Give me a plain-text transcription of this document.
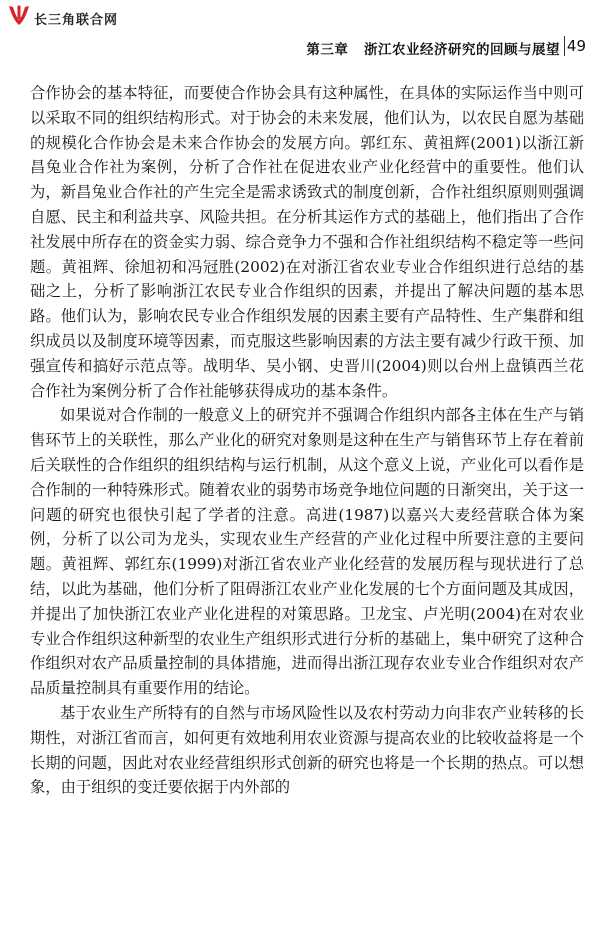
长三角联合网
第三章 浙江农业经济研究的回顾与展望 49

合作协会的基本特征，而要使合作协会具有这种属性，在具体的实际运作当中则可以采取不同的组织结构形式。对于协会的未来发展，他们认为，以农民自愿为基础的规模化合作协会是未来合作协会的发展方向。郭红东、黄祖辉(2001)以浙江新昌兔业合作社为案例，分析了合作社在促进农业产业化经营中的重要性。他们认为，新昌兔业合作社的产生完全是需求诱致式的制度创新，合作社组织原则则强调自愿、民主和利益共享、风险共担。在分析其运作方式的基础上，他们指出了合作社发展中所存在的资金实力弱、综合竞争力不强和合作社组织结构不稳定等一些问题。黄祖辉、徐旭初和冯冠胜(2002)在对浙江省农业专业合作组织进行总结的基础之上，分析了影响浙江农民专业合作组织的因素，并提出了解决问题的基本思路。他们认为，影响农民专业合作组织发展的因素主要有产品特性、生产集群和组织成员以及制度环境等因素，而克服这些影响因素的方法主要有减少行政干预、加强宣传和搞好示范点等。战明华、吴小钢、史晋川(2004)则以台州上盘镇西兰花合作社为案例分析了合作社能够获得成功的基本条件。

如果说对合作制的一般意义上的研究并不强调合作组织内部各主体在生产与销售环节上的关联性，那么产业化的研究对象则是这种在生产与销售环节上存在着前后关联性的合作组织的组织结构与运行机制，从这个意义上说，产业化可以看作是合作制的一种特殊形式。随着农业的弱势市场竞争地位问题的日渐突出，关于这一问题的研究也很快引起了学者的注意。高进(1987)以嘉兴大麦经营联合体为案例，分析了以公司为龙头，实现农业生产经营的产业化过程中所要注意的主要问题。黄祖辉、郭红东(1999)对浙江省农业产业化经营的发展历程与现状进行了总结，以此为基础，他们分析了阻碍浙江农业产业化发展的七个方面问题及其成因，并提出了加快浙江农业产业化进程的对策思路。卫龙宝、卢光明(2004)在对农业专业合作组织这种新型的农业生产组织形式进行分析的基础上，集中研究了这种合作组织对农产品质量控制的具体措施，进而得出浙江现存农业专业合作组织对农产品质量控制具有重要作用的结论。

基于农业生产所特有的自然与市场风险性以及农村劳动力向非农产业转移的长期性，对浙江省而言，如何更有效地利用农业资源与提高农业的比较收益将是一个长期的问题，因此对农业经营组织形式创新的研究也将是一个长期的热点。可以想象，由于组织的变迁要依据于内外部的
